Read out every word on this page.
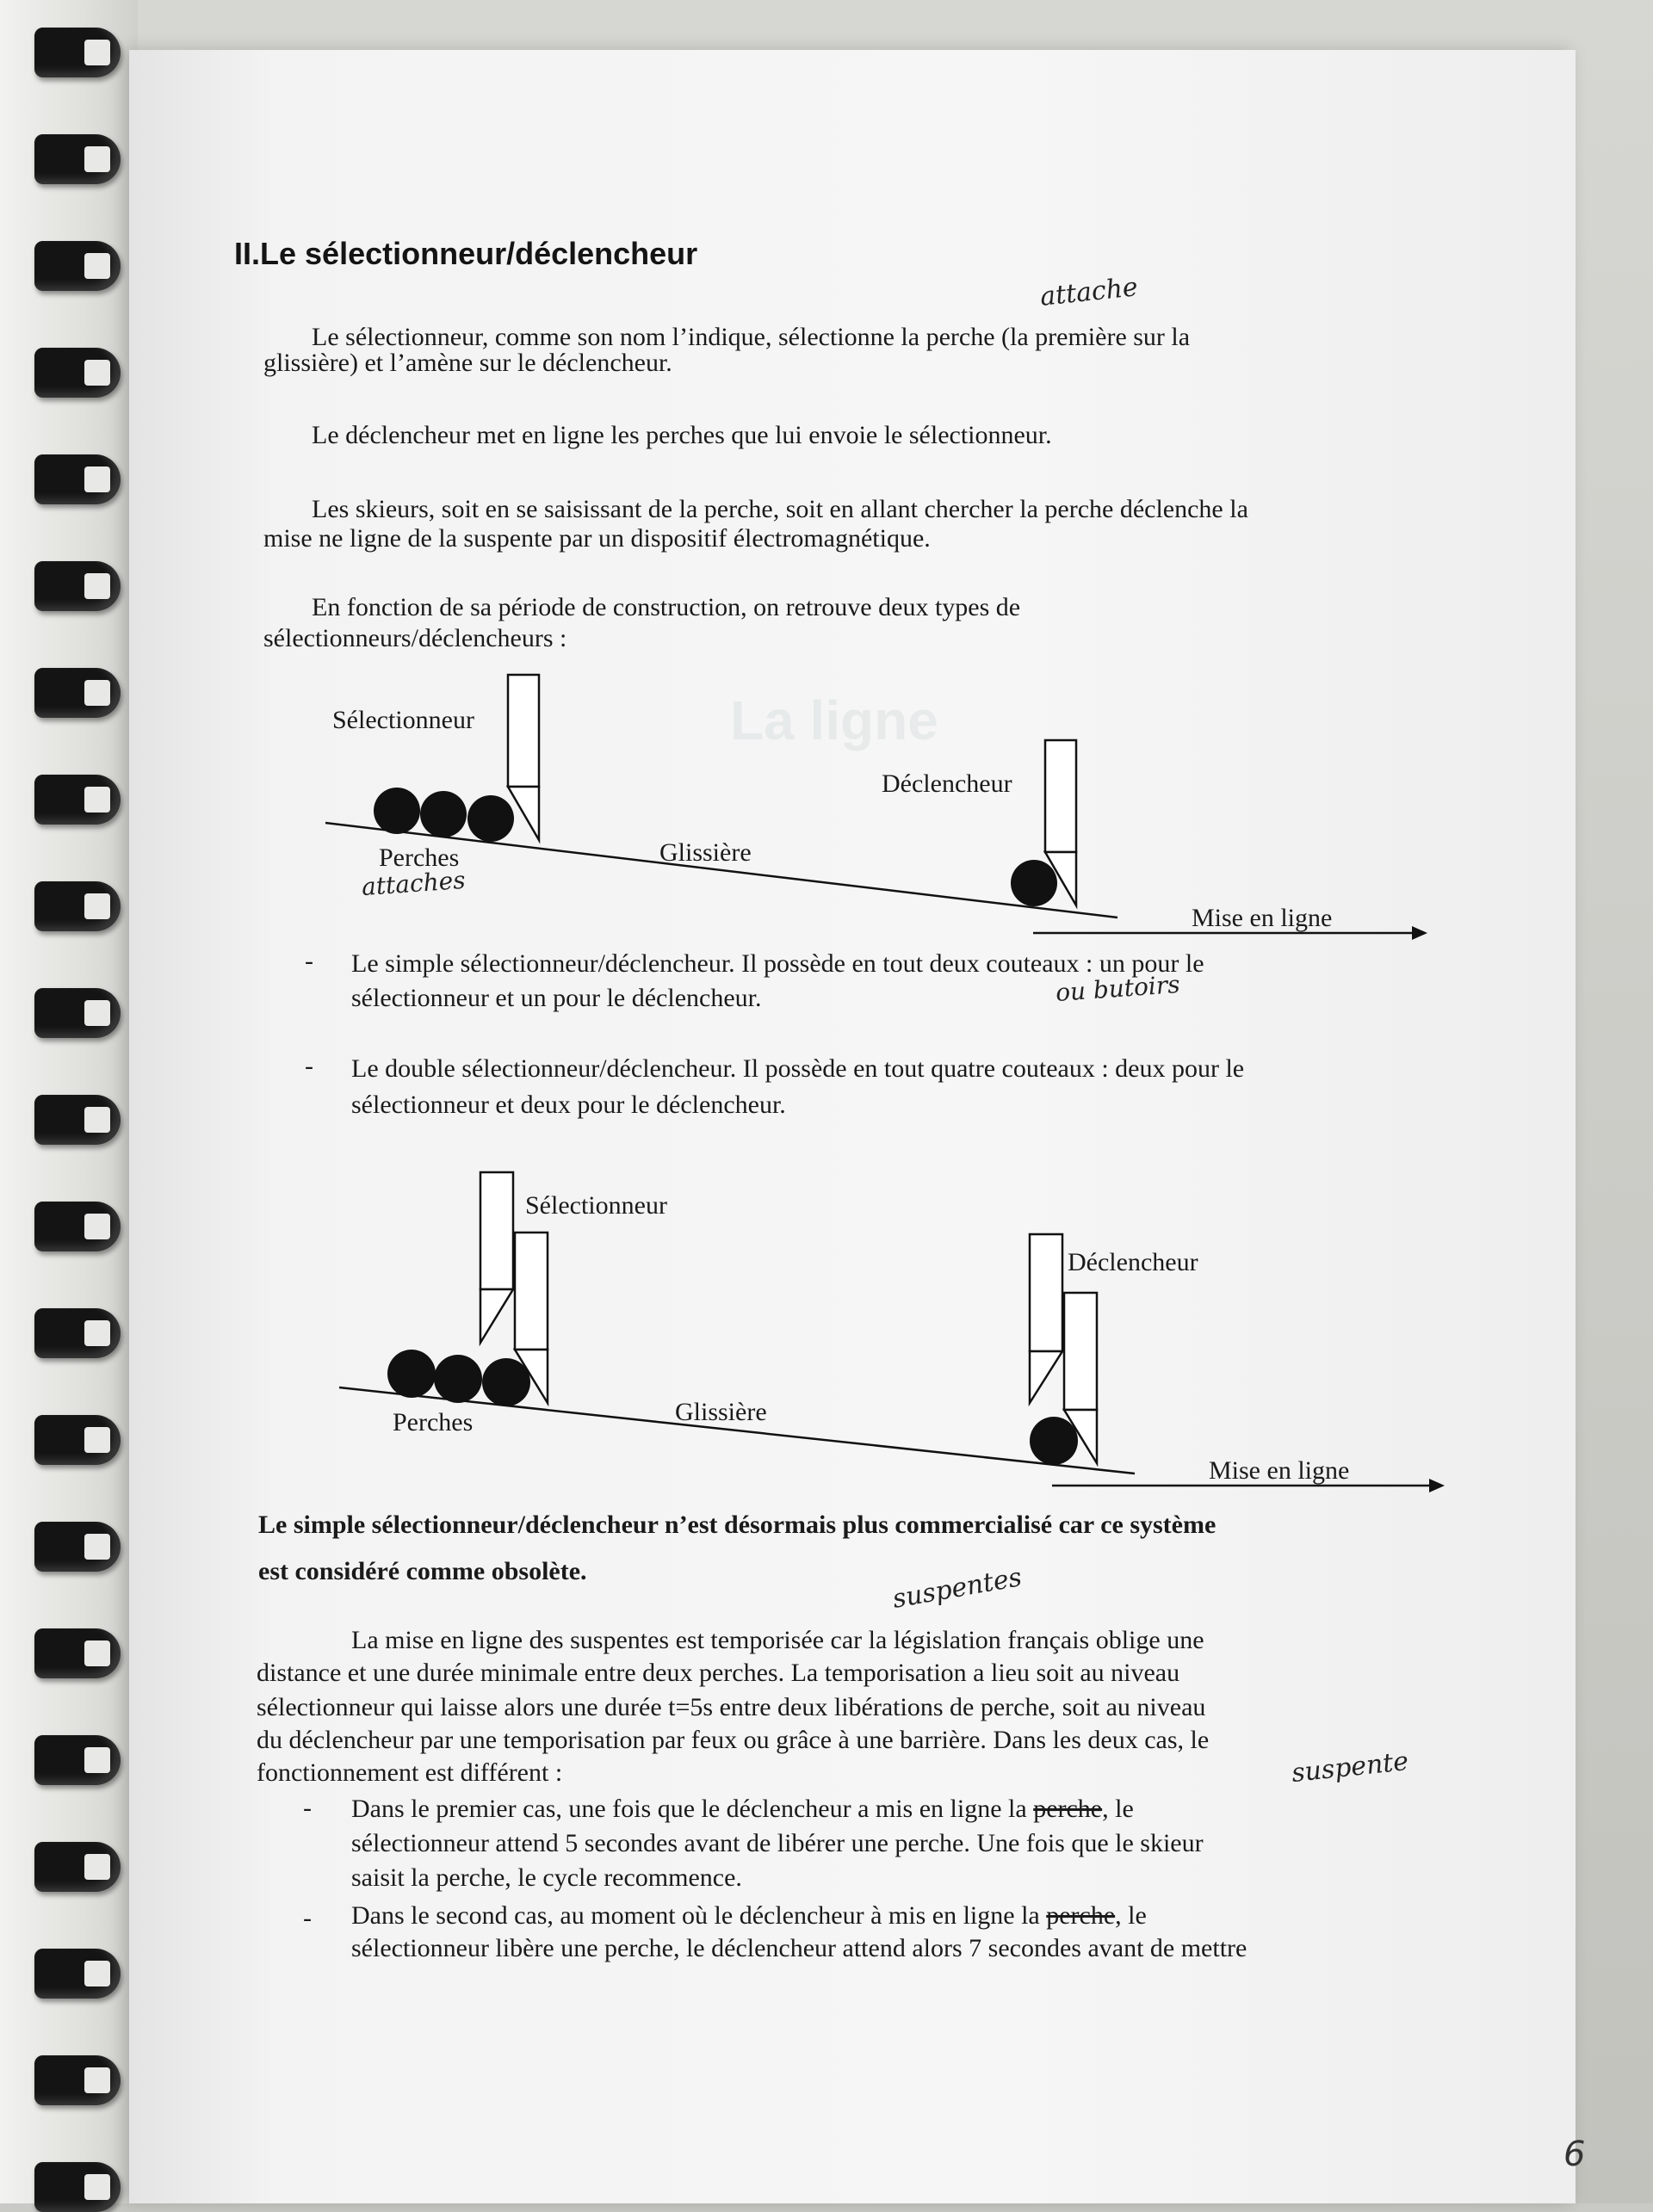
La ligne
II.Le sélectionneur/déclencheur

Le sélectionneur, comme son nom l’indique, sélectionne la perche (la première sur la

glissière) et l’amène sur le déclencheur.

attache

Le déclencheur met en ligne les perches que lui envoie le sélectionneur.

Les skieurs, soit en se saisissant de la perche, soit en allant chercher la perche déclenche la

mise ne ligne de la suspente par un dispositif électromagnétique.

En fonction de sa période de construction, on retrouve deux types de

sélectionneurs/déclencheurs :

Sélectionneur
Déclencheur
Perches	Glissière
Mise en ligne
attaches
- Le simple sélectionneur/déclencheur. Il possède en tout deux couteaux : un pour le

sélectionneur et un pour le déclencheur.	ou butoirs
- Le double sélectionneur/déclencheur. Il possède en tout quatre couteaux : deux pour le

sélectionneur et deux pour le déclencheur.

Sélectionneur
Déclencheur
Perches	Glissière
Mise en ligne

Le simple sélectionneur/déclencheur n’est désormais plus commercialisé car ce système

est considéré comme obsolète.	suspentes

La mise en ligne des suspentes est temporisée car la législation français oblige une

distance et une durée minimale entre deux perches. La temporisation a lieu soit au niveau

sélectionneur qui laisse alors une durée t=5s entre deux libérations de perche, soit au niveau

du déclencheur par une temporisation par feux ou grâce à une barrière. Dans les deux cas, le

fonctionnement est différent :	suspente
- Dans le premier cas, une fois que le déclencheur a mis en ligne la perche, le

sélectionneur attend 5 secondes avant de libérer une perche. Une fois que le skieur

saisit la perche, le cycle recommence.

- Dans le second cas, au moment où le déclencheur à mis en ligne la perche, le

sélectionneur libère une perche, le déclencheur attend alors 7 secondes avant de mettre

6
